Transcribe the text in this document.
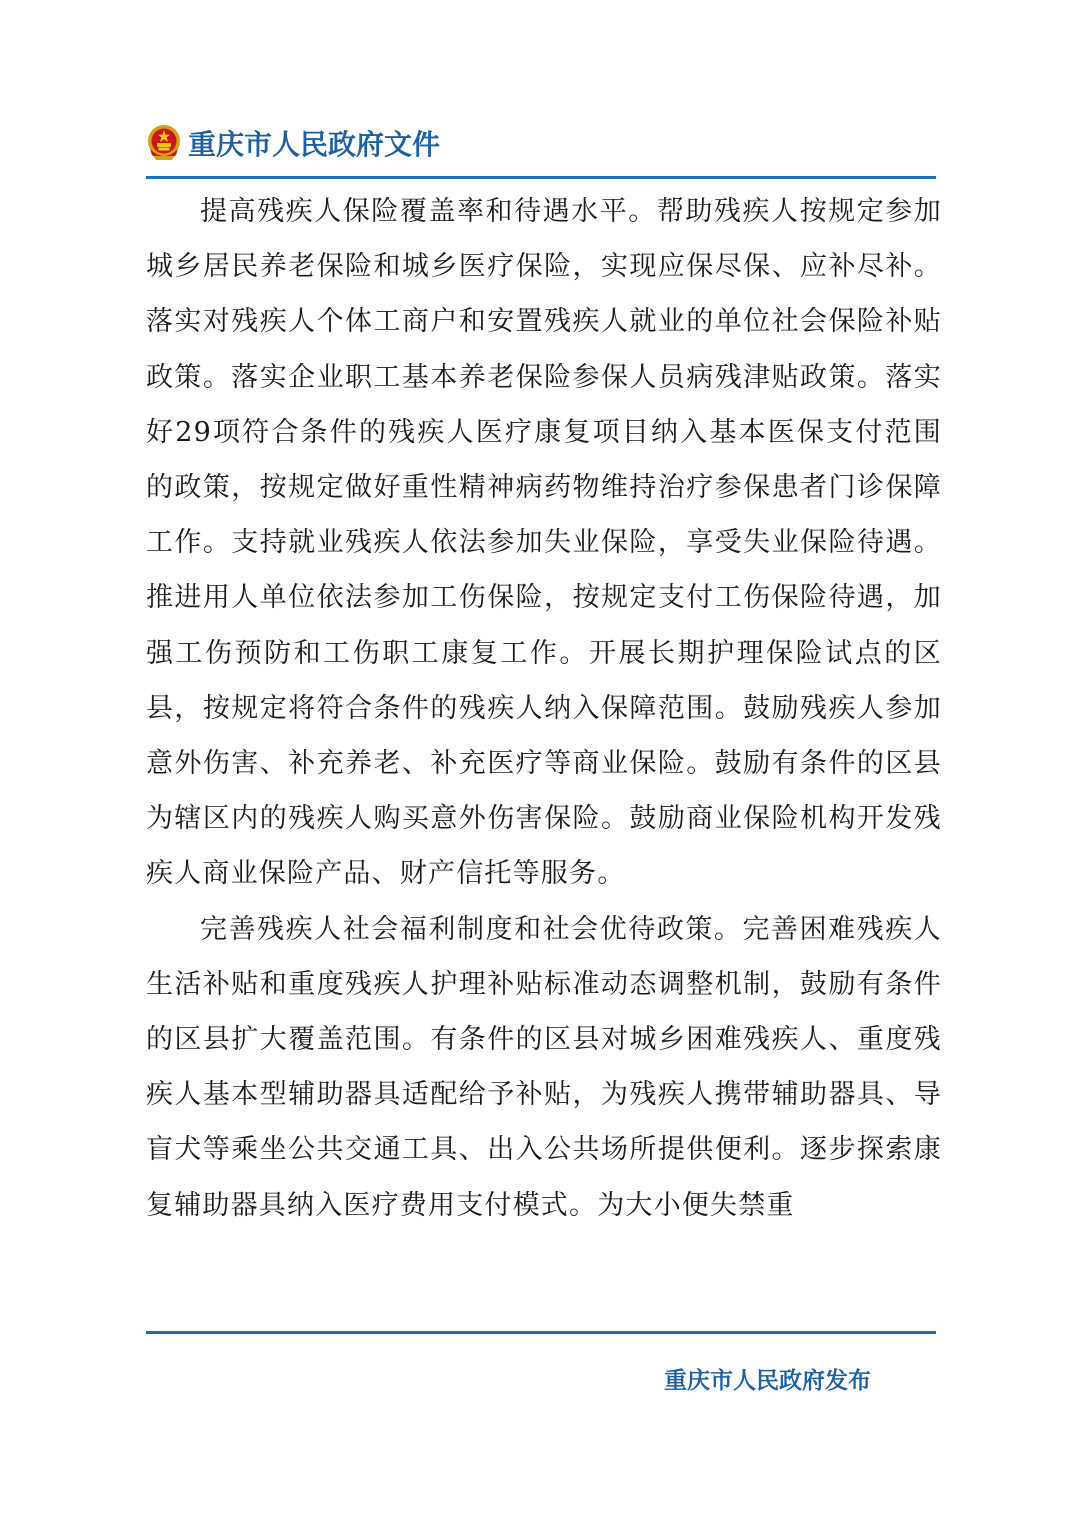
重庆市人民政府文件

提高残疾人保险覆盖率和待遇水平。帮助残疾人按规定参加城乡居民养老保险和城乡医疗保险，实现应保尽保、应补尽补。落实对残疾人个体工商户和安置残疾人就业的单位社会保险补贴政策。落实企业职工基本养老保险参保人员病残津贴政策。落实好29项符合条件的残疾人医疗康复项目纳入基本医保支付范围的政策，按规定做好重性精神病药物维持治疗参保患者门诊保障工作。支持就业残疾人依法参加失业保险，享受失业保险待遇。推进用人单位依法参加工伤保险，按规定支付工伤保险待遇，加强工伤预防和工伤职工康复工作。开展长期护理保险试点的区县，按规定将符合条件的残疾人纳入保障范围。鼓励残疾人参加意外伤害、补充养老、补充医疗等商业保险。鼓励有条件的区县为辖区内的残疾人购买意外伤害保险。鼓励商业保险机构开发残疾人商业保险产品、财产信托等服务。

完善残疾人社会福利制度和社会优待政策。完善困难残疾人生活补贴和重度残疾人护理补贴标准动态调整机制，鼓励有条件的区县扩大覆盖范围。有条件的区县对城乡困难残疾人、重度残疾人基本型辅助器具适配给予补贴，为残疾人携带辅助器具、导盲犬等乘坐公共交通工具、出入公共场所提供便利。逐步探索康复辅助器具纳入医疗费用支付模式。为大小便失禁重

重庆市人民政府发布
